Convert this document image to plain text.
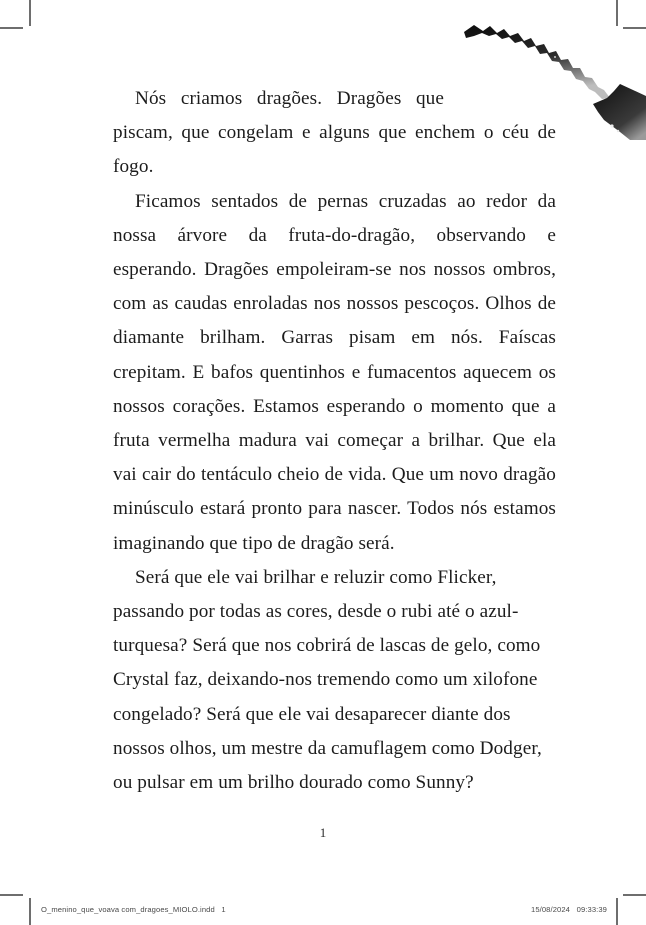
Nós criamos dragões. Dragões que piscam, que congelam e alguns que enchem o céu de fogo.

Ficamos sentados de pernas cruzadas ao redor da nossa árvore da fruta-do-dragão, observando e esperando. Dragões empoleiram-se nos nossos ombros, com as caudas enroladas nos nossos pescoços. Olhos de diamante brilham. Garras pisam em nós. Faíscas crepitam. E bafos quentinhos e fumacentos aquecem os nossos corações. Estamos esperando o momento que a fruta vermelha madura vai começar a brilhar. Que ela vai cair do tentáculo cheio de vida. Que um novo dragão minúsculo estará pronto para nascer. Todos nós estamos imaginando que tipo de dragão será.

Será que ele vai brilhar e reluzir como Flicker, passando por todas as cores, desde o rubi até o azul-turquesa? Será que nos cobrirá de lascas de gelo, como Crystal faz, deixando-nos tremendo como um xilofone congelado? Será que ele vai desaparecer diante dos nossos olhos, um mestre da camuflagem como Dodger, ou pulsar em um brilho dourado como Sunny?

1
O_menino_que_voava com_dragoes_MIOLO.indd   1	15/08/2024   09:33:39
